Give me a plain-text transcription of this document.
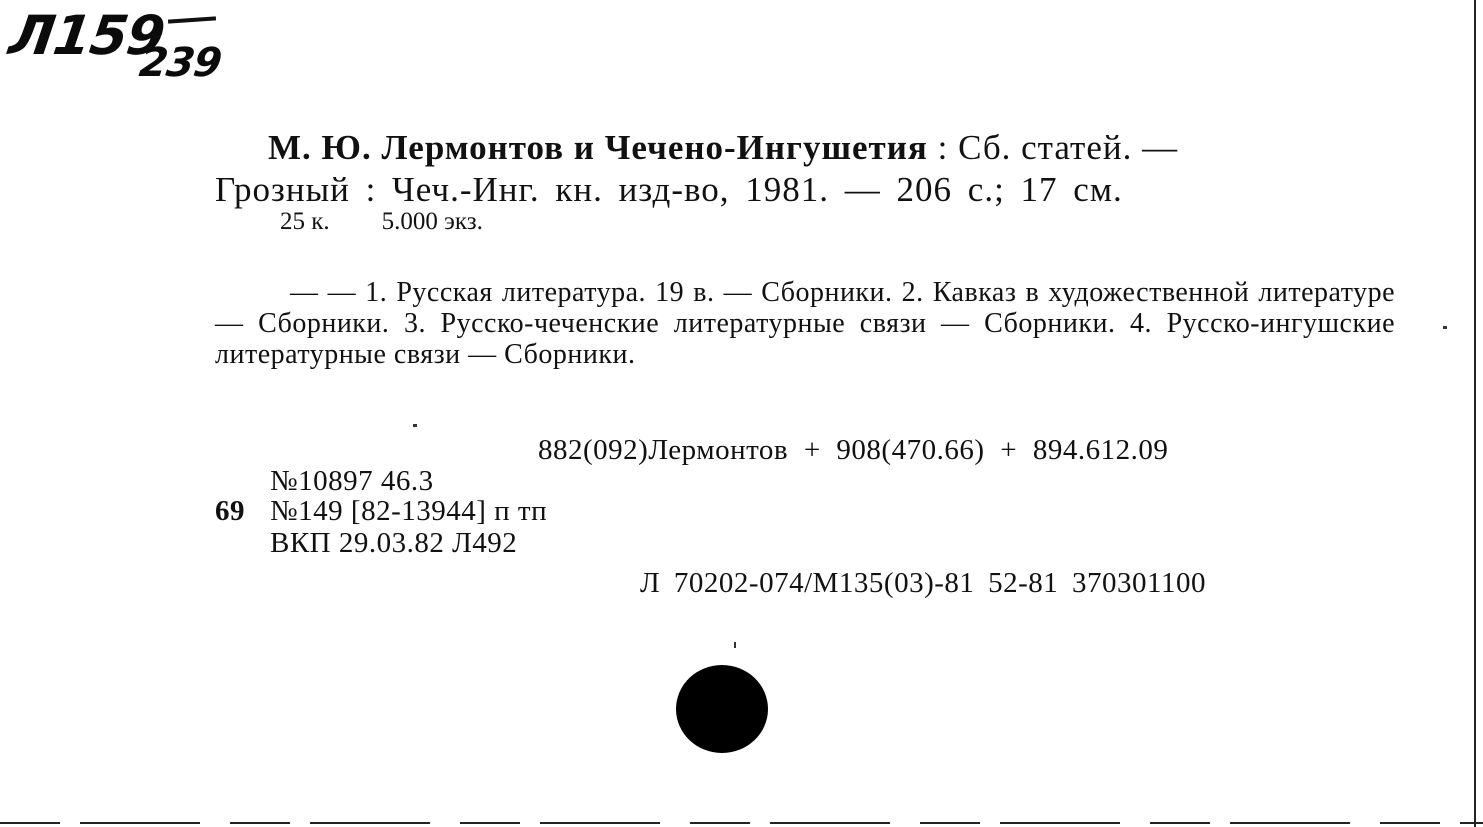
Л159
239
М. Ю. Лермонтов и Чечено-Ингушетия : Сб. статей. —
Грозный : Чеч.-Инг. кн. изд-во, 1981. — 206 с.; 17 см.
25 к. 5.000 экз.
— — 1. Русская литература. 19 в. — Сборники. 2. Кавказ в художественной литературе — Сборники. 3. Русско-чеченские литературные связи — Сборники. 4. Русско-ингушские литературные связи — Сборники.
882(092)Лермонтов + 908(470.66) + 894.612.09
№10897 46.3
69 №149 [82-13944] п тп
ВКП 29.03.82 Л492
Л 70202-074/М135(03)-81 52-81 370301100
